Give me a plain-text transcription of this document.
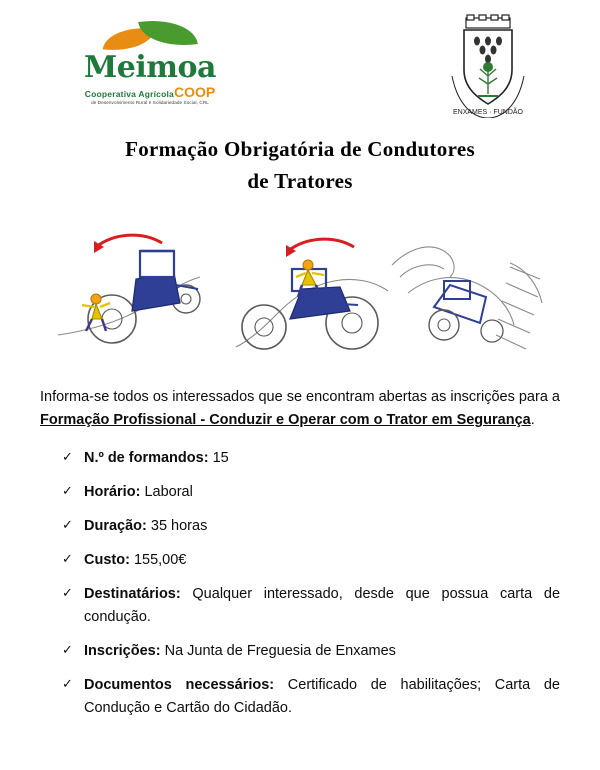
Meimoa
Cooperativa AgrícolaCOOP
de Desenvolvimento Rural e Solidariedade Social, CRL
ENXAMES · FUNDÃO
Formação Obrigatória de Condutores
de Tratores

Informa-se todos os interessados que se encontram abertas as inscrições para a Formação Profissional - Conduzir e Operar com o Trator em Segurança.

✓ N.º de formandos: 15
✓ Horário: Laboral
✓ Duração: 35 horas
✓ Custo: 155,00€
✓ Destinatários: Qualquer interessado, desde que possua carta de condução.
✓ Inscrições: Na Junta de Freguesia de Enxames
✓ Documentos necessários: Certificado de habilitações; Carta de Condução e Cartão do Cidadão.
